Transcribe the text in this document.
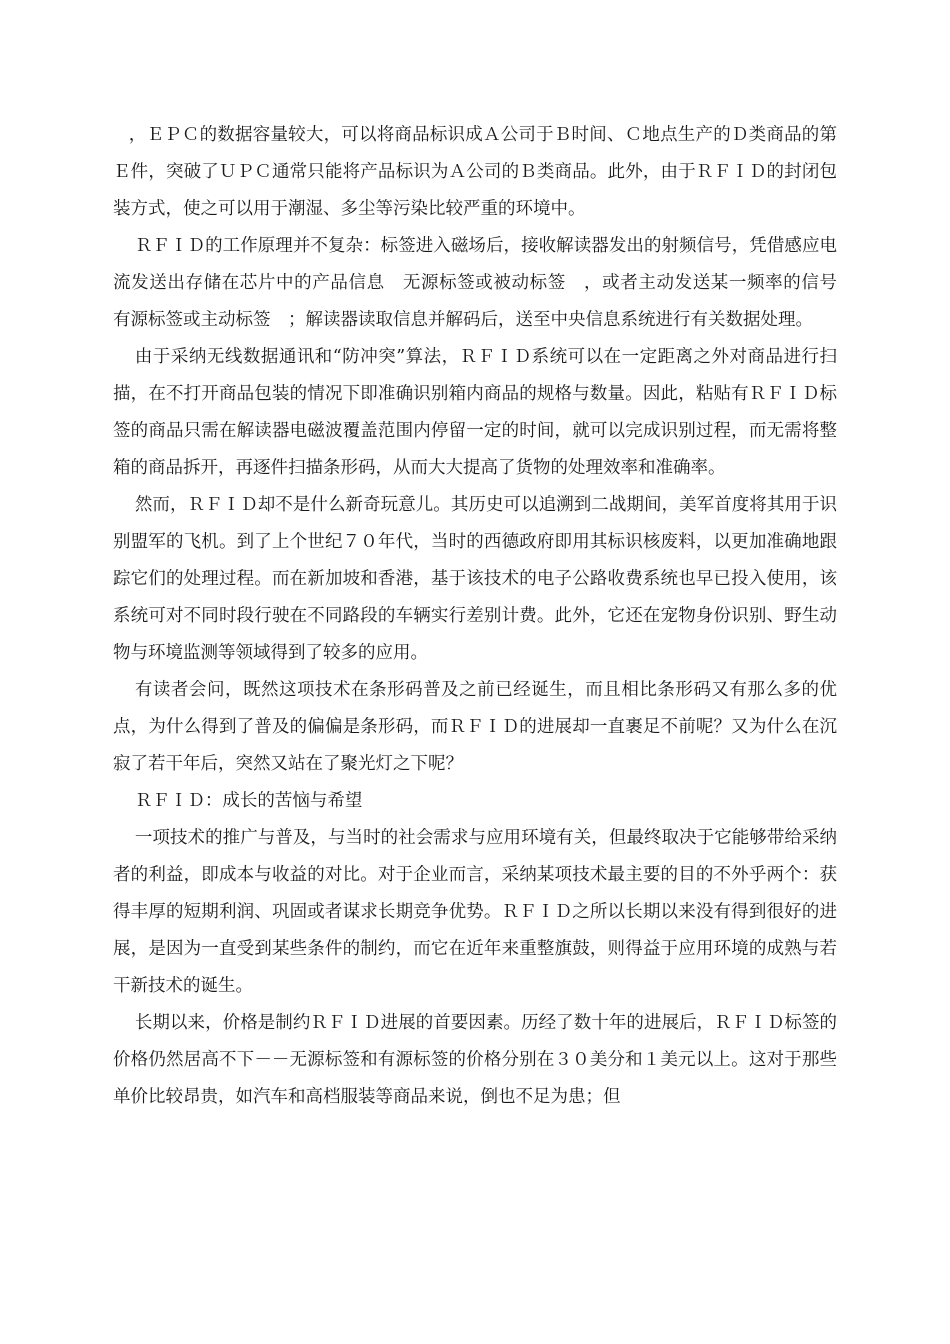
，ＥＰＣ的数据容量较大，可以将商品标识成Ａ公司于Ｂ时间、Ｃ地点生产的Ｄ类商品的第Ｅ件，突破了ＵＰＣ通常只能将产品标识为Ａ公司的Ｂ类商品。此外，由于ＲＦＩＤ的封闭包装方式，使之可以用于潮湿、多尘等污染比较严重的环境中。

ＲＦＩＤ的工作原理并不复杂：标签进入磁场后，接收解读器发出的射频信号，凭借感应电流发送出存储在芯片中的产品信息　无源标签或被动标签　，或者主动发送某一频率的信号　有源标签或主动标签　；解读器读取信息并解码后，送至中央信息系统进行有关数据处理。

由于采纳无线数据通讯和“防冲突”算法，ＲＦＩＤ系统可以在一定距离之外对商品进行扫描，在不打开商品包装的情况下即准确识别箱内商品的规格与数量。因此，粘贴有ＲＦＩＤ标签的商品只需在解读器电磁波覆盖范围内停留一定的时间，就可以完成识别过程，而无需将整箱的商品拆开，再逐件扫描条形码，从而大大提高了货物的处理效率和准确率。

然而，ＲＦＩＤ却不是什么新奇玩意儿。其历史可以追溯到二战期间，美军首度将其用于识别盟军的飞机。到了上个世纪７０年代，当时的西德政府即用其标识核废料，以更加准确地跟踪它们的处理过程。而在新加坡和香港，基于该技术的电子公路收费系统也早已投入使用，该系统可对不同时段行驶在不同路段的车辆实行差别计费。此外，它还在宠物身份识别、野生动物与环境监测等领域得到了较多的应用。

有读者会问，既然这项技术在条形码普及之前已经诞生，而且相比条形码又有那么多的优点，为什么得到了普及的偏偏是条形码，而ＲＦＩＤ的进展却一直裹足不前呢？又为什么在沉寂了若干年后，突然又站在了聚光灯之下呢？

ＲＦＩＤ：成长的苦恼与希望

一项技术的推广与普及，与当时的社会需求与应用环境有关，但最终取决于它能够带给采纳者的利益，即成本与收益的对比。对于企业而言，采纳某项技术最主要的目的不外乎两个：获得丰厚的短期利润、巩固或者谋求长期竞争优势。ＲＦＩＤ之所以长期以来没有得到很好的进展，是因为一直受到某些条件的制约，而它在近年来重整旗鼓，则得益于应用环境的成熟与若干新技术的诞生。

长期以来，价格是制约ＲＦＩＤ进展的首要因素。历经了数十年的进展后，ＲＦＩＤ标签的价格仍然居高不下－－无源标签和有源标签的价格分别在３０美分和１美元以上。这对于那些单价比较昂贵，如汽车和高档服装等商品来说，倒也不足为患；但
